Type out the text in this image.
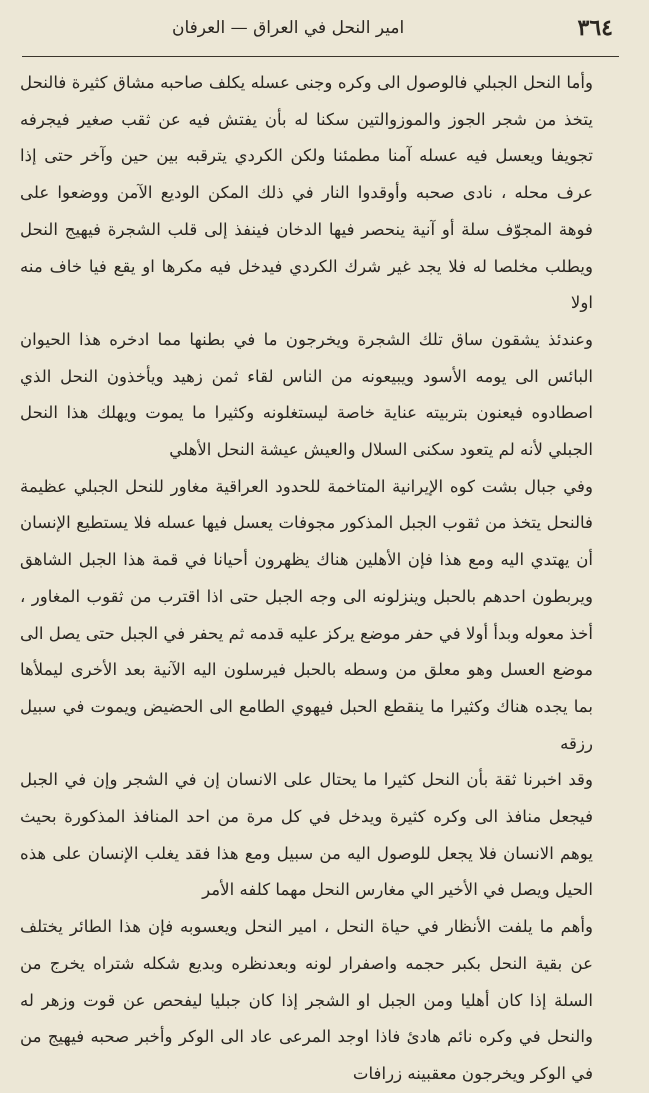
امير النحل في العراق — العرفان	٣٦٤

وأما النحل الجبلي فالوصول الى وكره وجنى عسله يكلف صاحبه مشاق كثيرة فالنحل يتخذ من شجر الجوز والموزوالتين سكنا له بأن يفتش فيه عن ثقب صغير فيجرفه تجويفا ويعسل فيه عسله آمنا مطمئنا ولكن الكردي يترقبه بين حين وآخر حتى إذا عرف محله ، نادى صحبه وأوقدوا النار في ذلك المكن الوديع الآمن ووضعوا على فوهة المجوّف سلة أو آنية ينحصر فيها الدخان فينفذ إلى قلب الشجرة فيهيج النحل ويطلب مخلصا له فلا يجد غير شرك الكردي فيدخل فيه مكرها او يقع فيا خاف منه اولا

وعندئذ يشقون ساق تلك الشجرة ويخرجون ما في بطنها مما ادخره هذا الحيوان البائس الى يومه الأسود ويبيعونه من الناس لقاء ثمن زهيد ويأخذون النحل الذي اصطادوه فيعنون بتربيته عناية خاصة ليستغلونه وكثيرا ما يموت ويهلك هذا النحل الجبلي لأنه لم يتعود سكنى السلال والعيش عيشة النحل الأهلي

وفي جبال بشت كوه الإيرانية المتاخمة للحدود العراقية مغاور للنحل الجبلي عظيمة فالنحل يتخذ من ثقوب الجبل المذكور مجوفات يعسل فيها عسله فلا يستطيع الإنسان أن يهتدي اليه ومع هذا فإن الأهلين هناك يظهرون أحيانا في قمة هذا الجبل الشاهق ويربطون احدهم بالحبل وينزلونه الى وجه الجبل حتى اذا اقترب من ثقوب المغاور ، أخذ معوله وبدأ أولا في حفر موضع يركز عليه قدمه ثم يحفر في الجبل حتى يصل الى موضع العسل وهو معلق من وسطه بالحبل فيرسلون اليه الآنية بعد الأخرى ليملأها بما يجده هناك وكثيرا ما ينقطع الحبل فيهوي الطامع الى الحضيض ويموت في سبيل رزقه

وقد اخبرنا ثقة بأن النحل كثيرا ما يحتال على الانسان إن في الشجر وإن في الجبل فيجعل منافذ الى وكره كثيرة ويدخل في كل مرة من احد المنافذ المذكورة بحيث يوهم الانسان فلا يجعل للوصول اليه من سبيل ومع هذا فقد يغلب الإنسان على هذه الحيل ويصل في الأخير الي مغارس النحل مهما كلفه الأمر

وأهم ما يلفت الأنظار في حياة النحل ، امير النحل ويعسوبه فإن هذا الطائر يختلف عن بقية النحل بكبر حجمه واصفرار لونه وبعدنظره وبديع شكله شتراه يخرج من السلة إذا كان أهليا ومن الجبل او الشجر إذا كان جبليا ليفحص عن قوت وزهر له والنحل في وكره نائم هادئ فاذا اوجد المرعى عاد الى الوكر وأخبر صحبه فيهيج من في الوكر ويخرجون معقبينه زرافات
